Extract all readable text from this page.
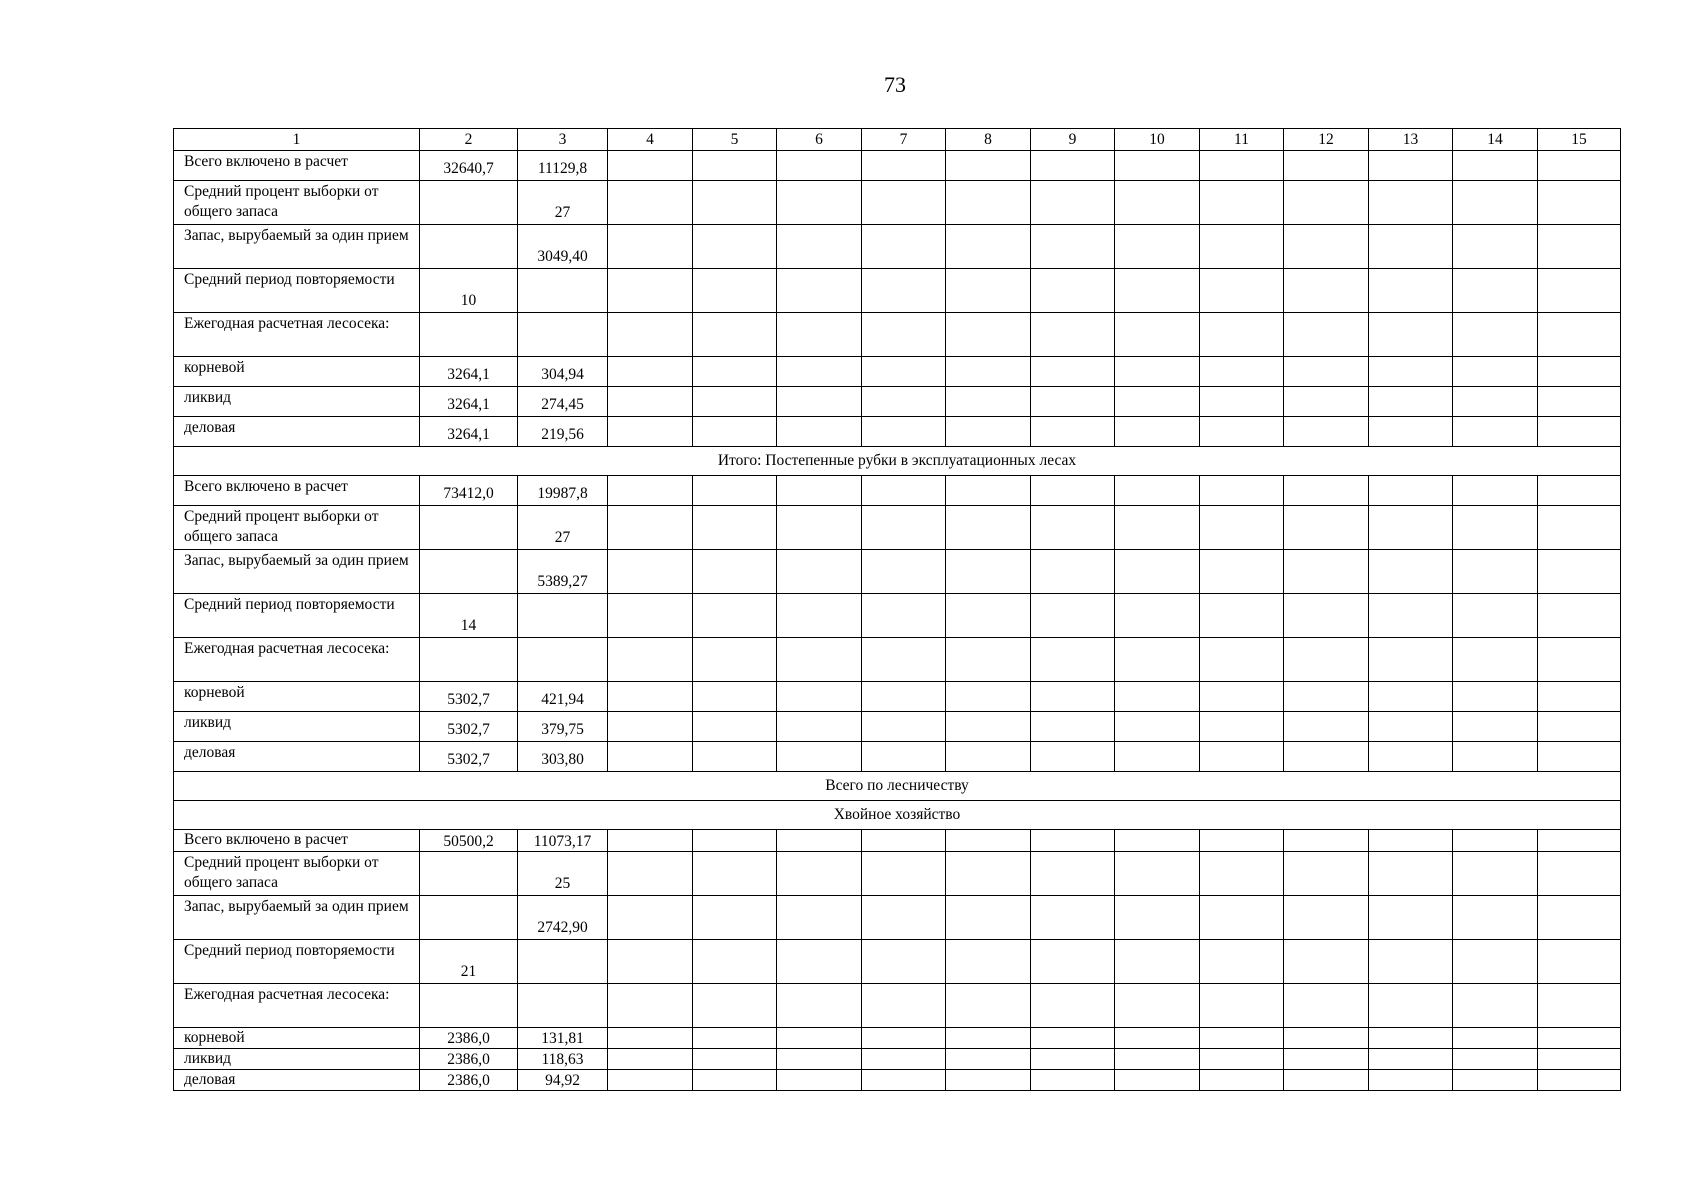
73
1	2	3	4	5	6	7	8	9	10	11	12	13	14	15
Всего включено в расчет	32640,7	11129,8												
Средний процент выборки от общего запаса		27												
Запас, вырубаемый за один прием		3049,40												
Средний период повторяемости	10													
Ежегодная расчетная лесосека:														
корневой	3264,1	304,94												
ликвид	3264,1	274,45												
деловая	3264,1	219,56												
Итого: Постепенные рубки в эксплуатационных лесах														
Всего включено в расчет	73412,0	19987,8												
Средний процент выборки от общего запаса		27												
Запас, вырубаемый за один прием		5389,27												
Средний период повторяемости	14													
Ежегодная расчетная лесосека:														
корневой	5302,7	421,94												
ликвид	5302,7	379,75												
деловая	5302,7	303,80												
Всего по лесничеству														
Хвойное хозяйство														
Всего включено в расчет	50500,2	11073,17												
Средний процент выборки от общего запаса		25												
Запас, вырубаемый за один прием		2742,90												
Средний период повторяемости	21													
Ежегодная расчетная лесосека:														
корневой	2386,0	131,81												
ликвид	2386,0	118,63												
деловая	2386,0	94,92												
